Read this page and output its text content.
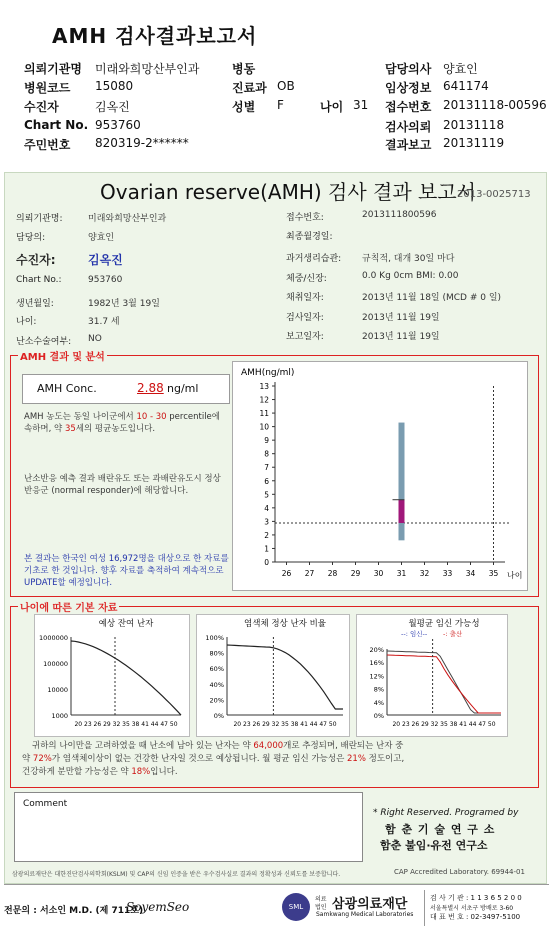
AMH 검사결과보고서
의뢰기관명 미래와희망산부인과	병동	담당의사 양효인
병원코드 15080	진료과 OB	임상정보 641174
수진자	김옥진	성별 F	나이 31 접수번호 20131118-00596
Chart No. 953760	검사의뢰 20131118
주민번호 820319-2******	결과보고 20131119
Ovarian reserve(AMH) 검사 결과 보고서
2013-0025713
의뢰기관명:	미래와희망산부인과
담당의:	양효인
수진자:	김옥진
Chart No.:	953760
생년월일:	1982년 3월 19일
나이:	31.7 세
난소수술여부: NO
접수번호:	2013111800596
최종월경일:
과거생리습관: 규칙적, 대개 30일 마다
체중/신장:	0.0 Kg 0cm BMI: 0.00
채취일자:	2013년 11월 18일 (MCD # 0 일)
검사일자:	2013년 11월 19일
보고일자:	2013년 11월 19일
AMH 결과 및 분석
AMH Conc.	2.88 ng/ml
AMH 농도는 동일 나이군에서 10 - 30 percentile에 속하며, 약 35세의 평균농도입니다.
난소반응 예측 결과 배란유도 또는 과배란유도시 정상반응군 (normal responder)에 해당합니다.
본 결과는 한국인 여성 16,972명을 대상으로 한 자료를 기초로 한 것입니다. 향후 자료를 축적하여 계속적으로 UPDATE할 예정입니다.
AMH(ng/ml)
0
1
2
3
4
5
6
7
8
9
10
11
12
13
26 27 28 29 30 31 32 33 34 35 나이
나이에 따른 기본 자료
예상 잔여 난자
1000000
100000
10000
1000
20 23 26 29 32 35 38 41 44 47 50
염색체 정상 난자 비율
100%
80%
60%
40%
20%
0%
20 23 26 29 32 35 38 41 44 47 50
20%
16%
12%
8%
4%
0%
20 23 26 29 32 35 38 41 44 47 50
월평균 임신 가능성
--: 임신-- -: 출산
귀하의 나이만을 고려하였을 때 난소에 남아 있는 난자는 약 64,000개로 추정되며, 배란되는 난자 중
약 72%가 염색체이상이 없는 건강한 난자일 것으로 예상됩니다. 월 평균 임신 가능성은 21% 정도이고,
건강하게 분만할 가능성은 약 18%입니다.
Comment
* Right Reserved. Programed by
함 춘 기 술 연 구 소
함춘 불임·유전 연구소
삼광의료재단은 대한진단검사의학회(KSLM) 및 CAP의 신임 인증을 받은 우수검사실로 결과의 정확성과 신뢰도를 보증합니다.	CAP Accredited Laboratory. 69944-01
전문의 : 서소인 M.D. (제 711호)
SoyemSeo	SML
의료법인 삼광의료재단
Samkwang Medical Laboratories
검 사 기 관 : 1 1 3 6 5 2 0 0
서울특별시 서초구 방배로 3-60
대 표 번 호 : 02-3497-5100
